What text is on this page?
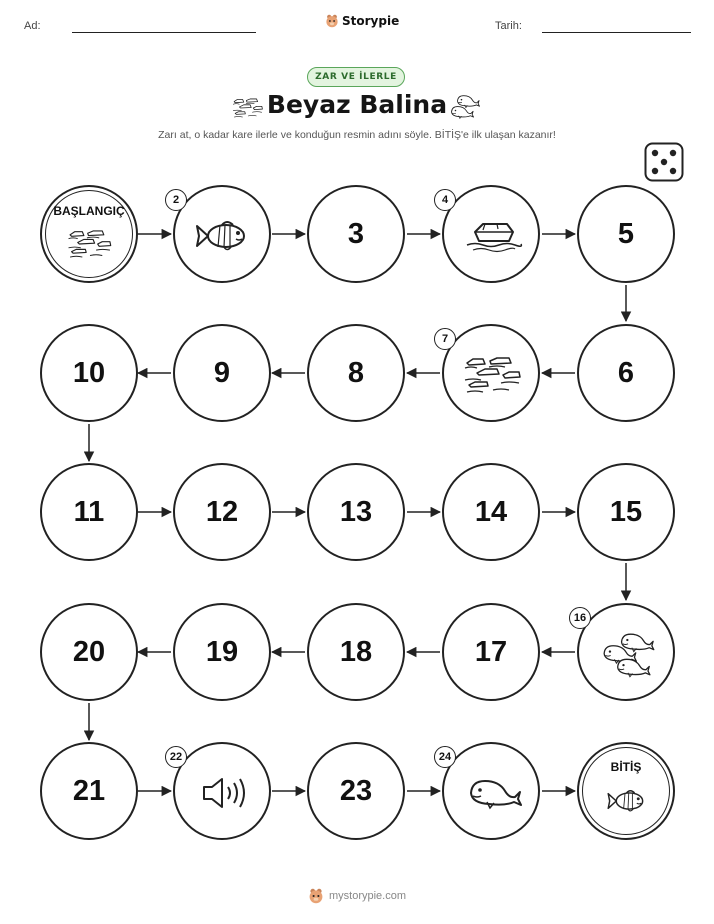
Ad:	Storypie	Tarih:
ZAR VE İLERLE
Beyaz Balina
Zarı at, o kadar kare ilerle ve konduğun resmin adını söyle. BİTİŞ'e ilk ulaşan kazanır!
BAŞLANGIÇ
2
3
4
5
6
7
8
9
10
11	12	13	14	15
16
17
18
19
20
21
22
23
24
BİTİŞ
mystorypie.com
